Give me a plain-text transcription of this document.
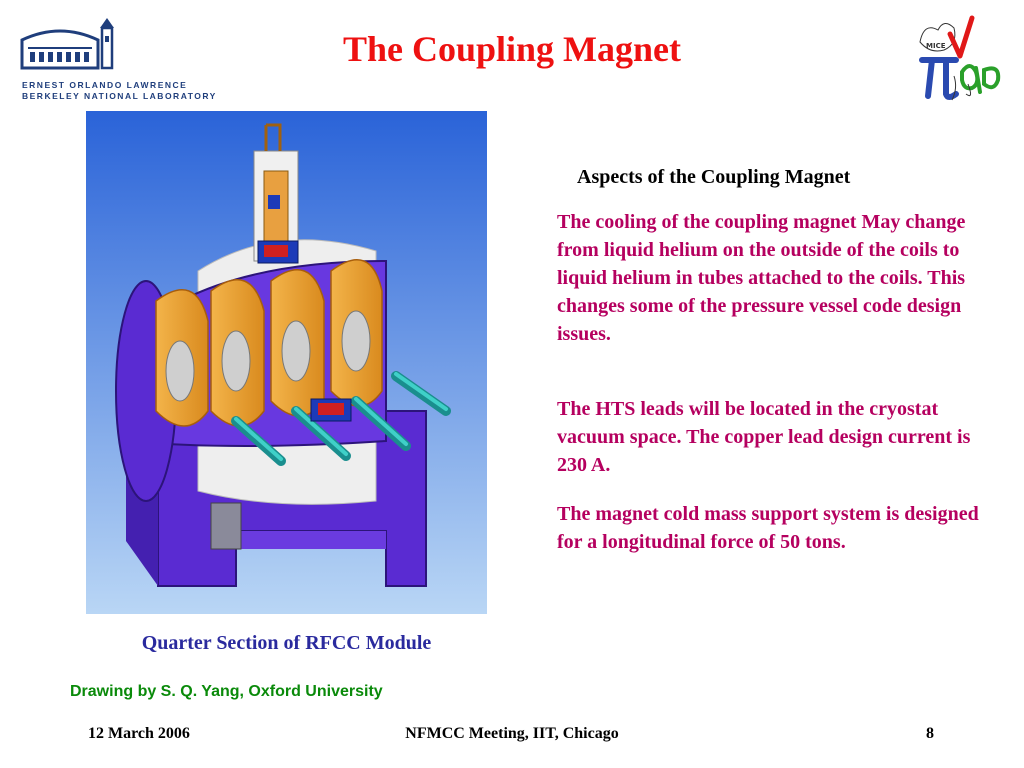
ERNEST ORLANDO LAWRENCE
BERKELEY NATIONAL LABORATORY
The Coupling Magnet	MICE
Quarter Section of RFCC Module
Drawing by S. Q. Yang, Oxford University
Aspects of the Coupling Magnet

The cooling of the coupling magnet May change from liquid helium on the outside of the coils to liquid helium in tubes attached to the coils. This changes some of the pressure vessel code design issues.

The HTS leads will be located in the cryostat vacuum space. The copper lead design current is 230 A.

The magnet cold mass support system is designed for a longitudinal force of 50 tons.

12 March 2006	NFMCC Meeting, IIT, Chicago	8
